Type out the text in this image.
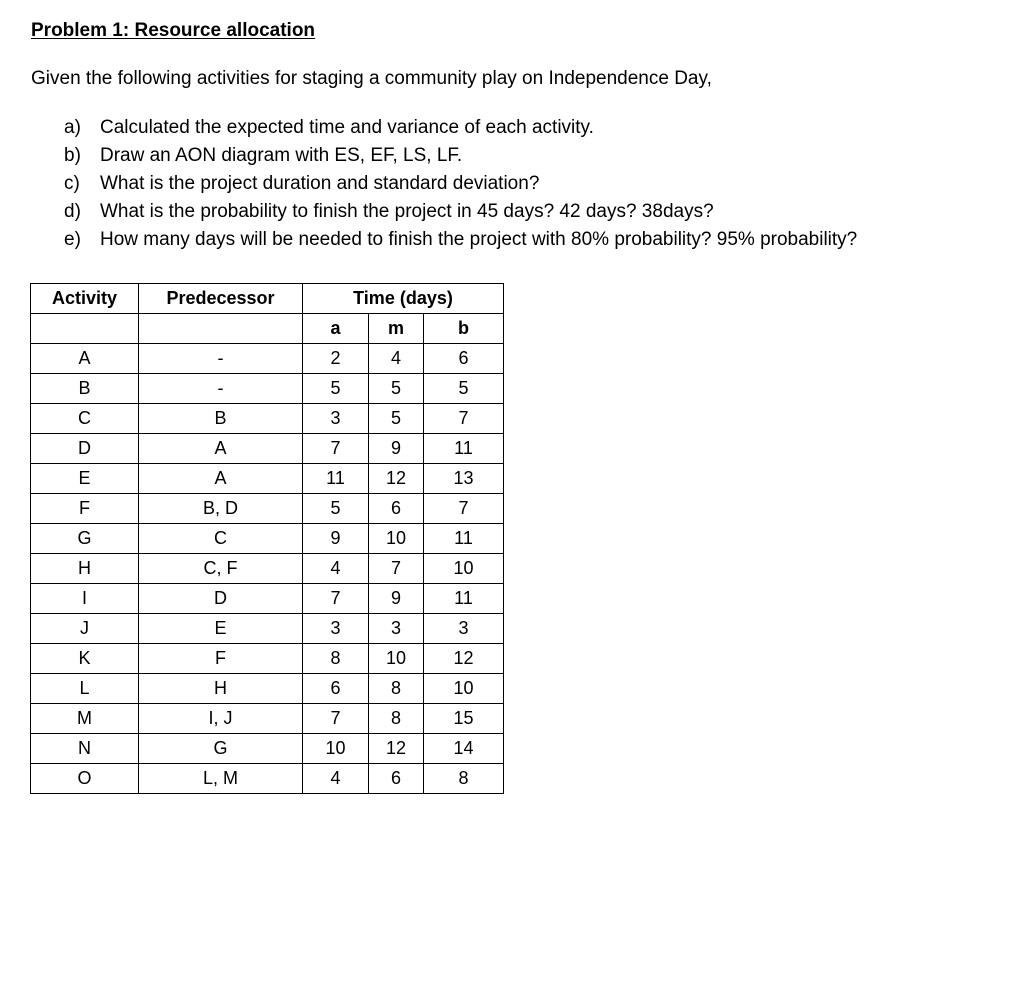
Problem 1: Resource allocation

Given the following activities for staging a community play on Independence Day,

a)	Calculated the expected time and variance of each activity.
b)	Draw an AON diagram with ES, EF, LS, LF.
c)	What is the project duration and standard deviation?
d)	What is the probability to finish the project in 45 days? 42 days? 38days?
e)	How many days will be needed to finish the project with 80% probability? 95% probability?
Activity	Predecessor	Time (days)		
		a	m	b
A	-	2	4	6
B	-	5	5	5
C	B	3	5	7
D	A	7	9	11
E	A	11	12	13
F	B, D	5	6	7
G	C	9	10	11
H	C, F	4	7	10
I	D	7	9	11
J	E	3	3	3
K	F	8	10	12
L	H	6	8	10
M	I, J	7	8	15
N	G	10	12	14
O	L, M	4	6	8
